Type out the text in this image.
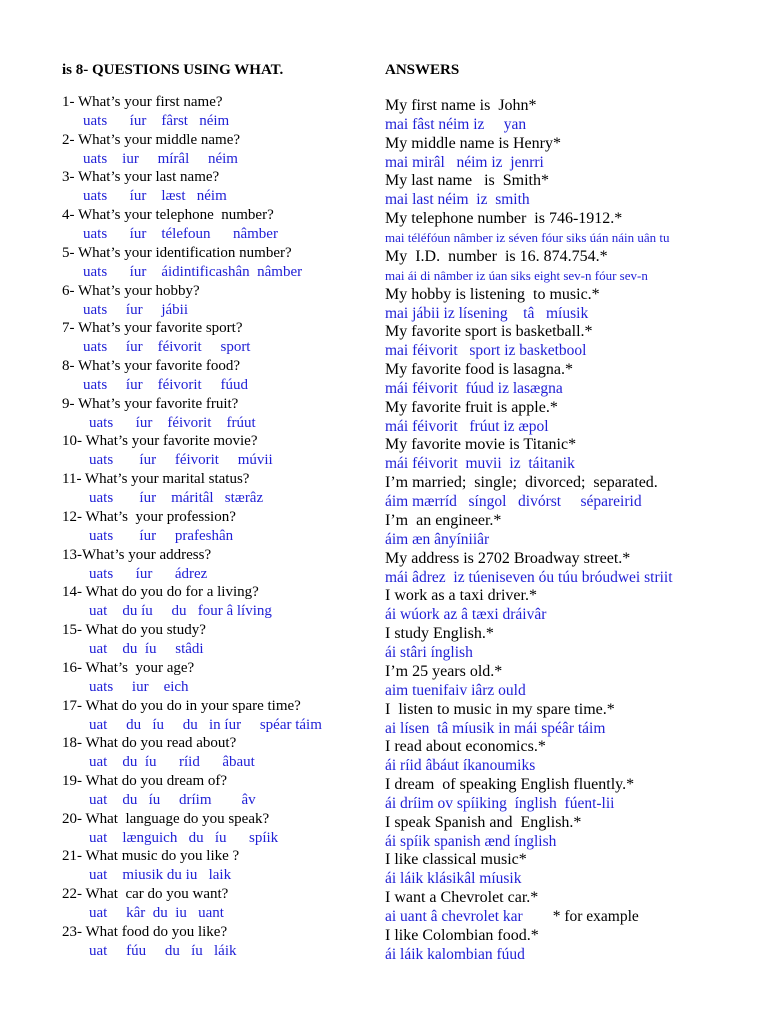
is 8- QUESTIONS USING WHAT.	ANSWERS
1- What’s your first name?
uats      íur    fârst   néim
My first name is  John*
mai fâst néim iz     yan
2- What’s your middle name?
uats    iur     mírâl     néim
My middle name is Henry*
mai mirâl   néim iz  jenrri
3- What’s your last name?
uats      íur    læst   néim
My last name   is  Smith*
mai last néim  iz  smith
4- What’s your telephone  number?
uats      íur    télefoun      nâmber
My telephone number  is 746-1912.*
mai téléfóun nâmber iz séven fóur siks úán náin uân tu
5- What’s your identification number?
uats      íur    áidintificashân  nâmber
My  I.D.  number  is 16. 874.754.*
mai ái di nâmber iz úan siks eight sev-n fóur sev-n
6- What’s your hobby?
uats     íur     jábii
My hobby is listening  to music.*
mai jábii iz lísening    tâ   míusik
7- What’s your favorite sport?
uats     íur    féivorit     sport
My favorite sport is basketball.*
mai féivorit   sport iz basketbool
8- What’s your favorite food?
uats     íur    féivorit     fúud
My favorite food is lasagna.*
mái féivorit  fúud iz lasægna
9- What’s your favorite fruit?
uats      íur    féivorit    frúut
My favorite fruit is apple.*
mái féivorit   frúut iz æpol
10- What’s your favorite movie?
uats       íur     féivorit     múvii
My favorite movie is Titanic*
mái féivorit  muvii  iz  táitanik
11- What’s your marital status?
uats       íur    máritâl   stærâz
I’m married;  single;  divorced;  separated.
áim mærríd   síngol   divórst     sépareirid
12- What’s  your profession?
uats       íur     prafeshân
I’m  an engineer.*
áim æn ânyíniiâr
13-What’s your address?
uats      íur      ádrez
My address is 2702 Broadway street.*
mái âdrez  iz túeniseven óu túu bróudwei striit
14- What do you do for a living?
uat    du íu     du   four â líving
I work as a taxi driver.*
ái wúork az â tæxi dráivâr
15- What do you study?
uat    du  íu     stâdi
I study English.*
ái stâri ínglish
16- What’s  your age?
uats     iur    eich
I’m 25 years old.*
aim tuenifaiv iârz ould
17- What do you do in your spare time?
uat     du   íu     du   in íur     spéar táim
I  listen to music in my spare time.*
ai lísen  tâ míusik in mái spéâr táim
18- What do you read about?
uat    du  íu      ríid      âbaut
I read about economics.*
ái ríid âbáut íkanoumiks
19- What do you dream of?
uat    du   íu     dríim        âv
I dream  of speaking English fluently.*
ái dríim ov spíiking  ínglish  fúent-lii
20- What  language do you speak?
uat    længuich   du   íu      spíik
I speak Spanish and  English.*
ái spíik spanish ænd ínglish
21- What music do you like ?
uat    miusik du iu   laik
I like classical music*
ái láik klásikâl míusik
22- What  car do you want?
uat     kâr  du  iu   uant
I want a Chevrolet car.*
ai uant â chevrolet kar * for example
23- What food do you like?
uat     fúu     du   íu   láik
I like Colombian food.*
ái láik kalombian fúud
